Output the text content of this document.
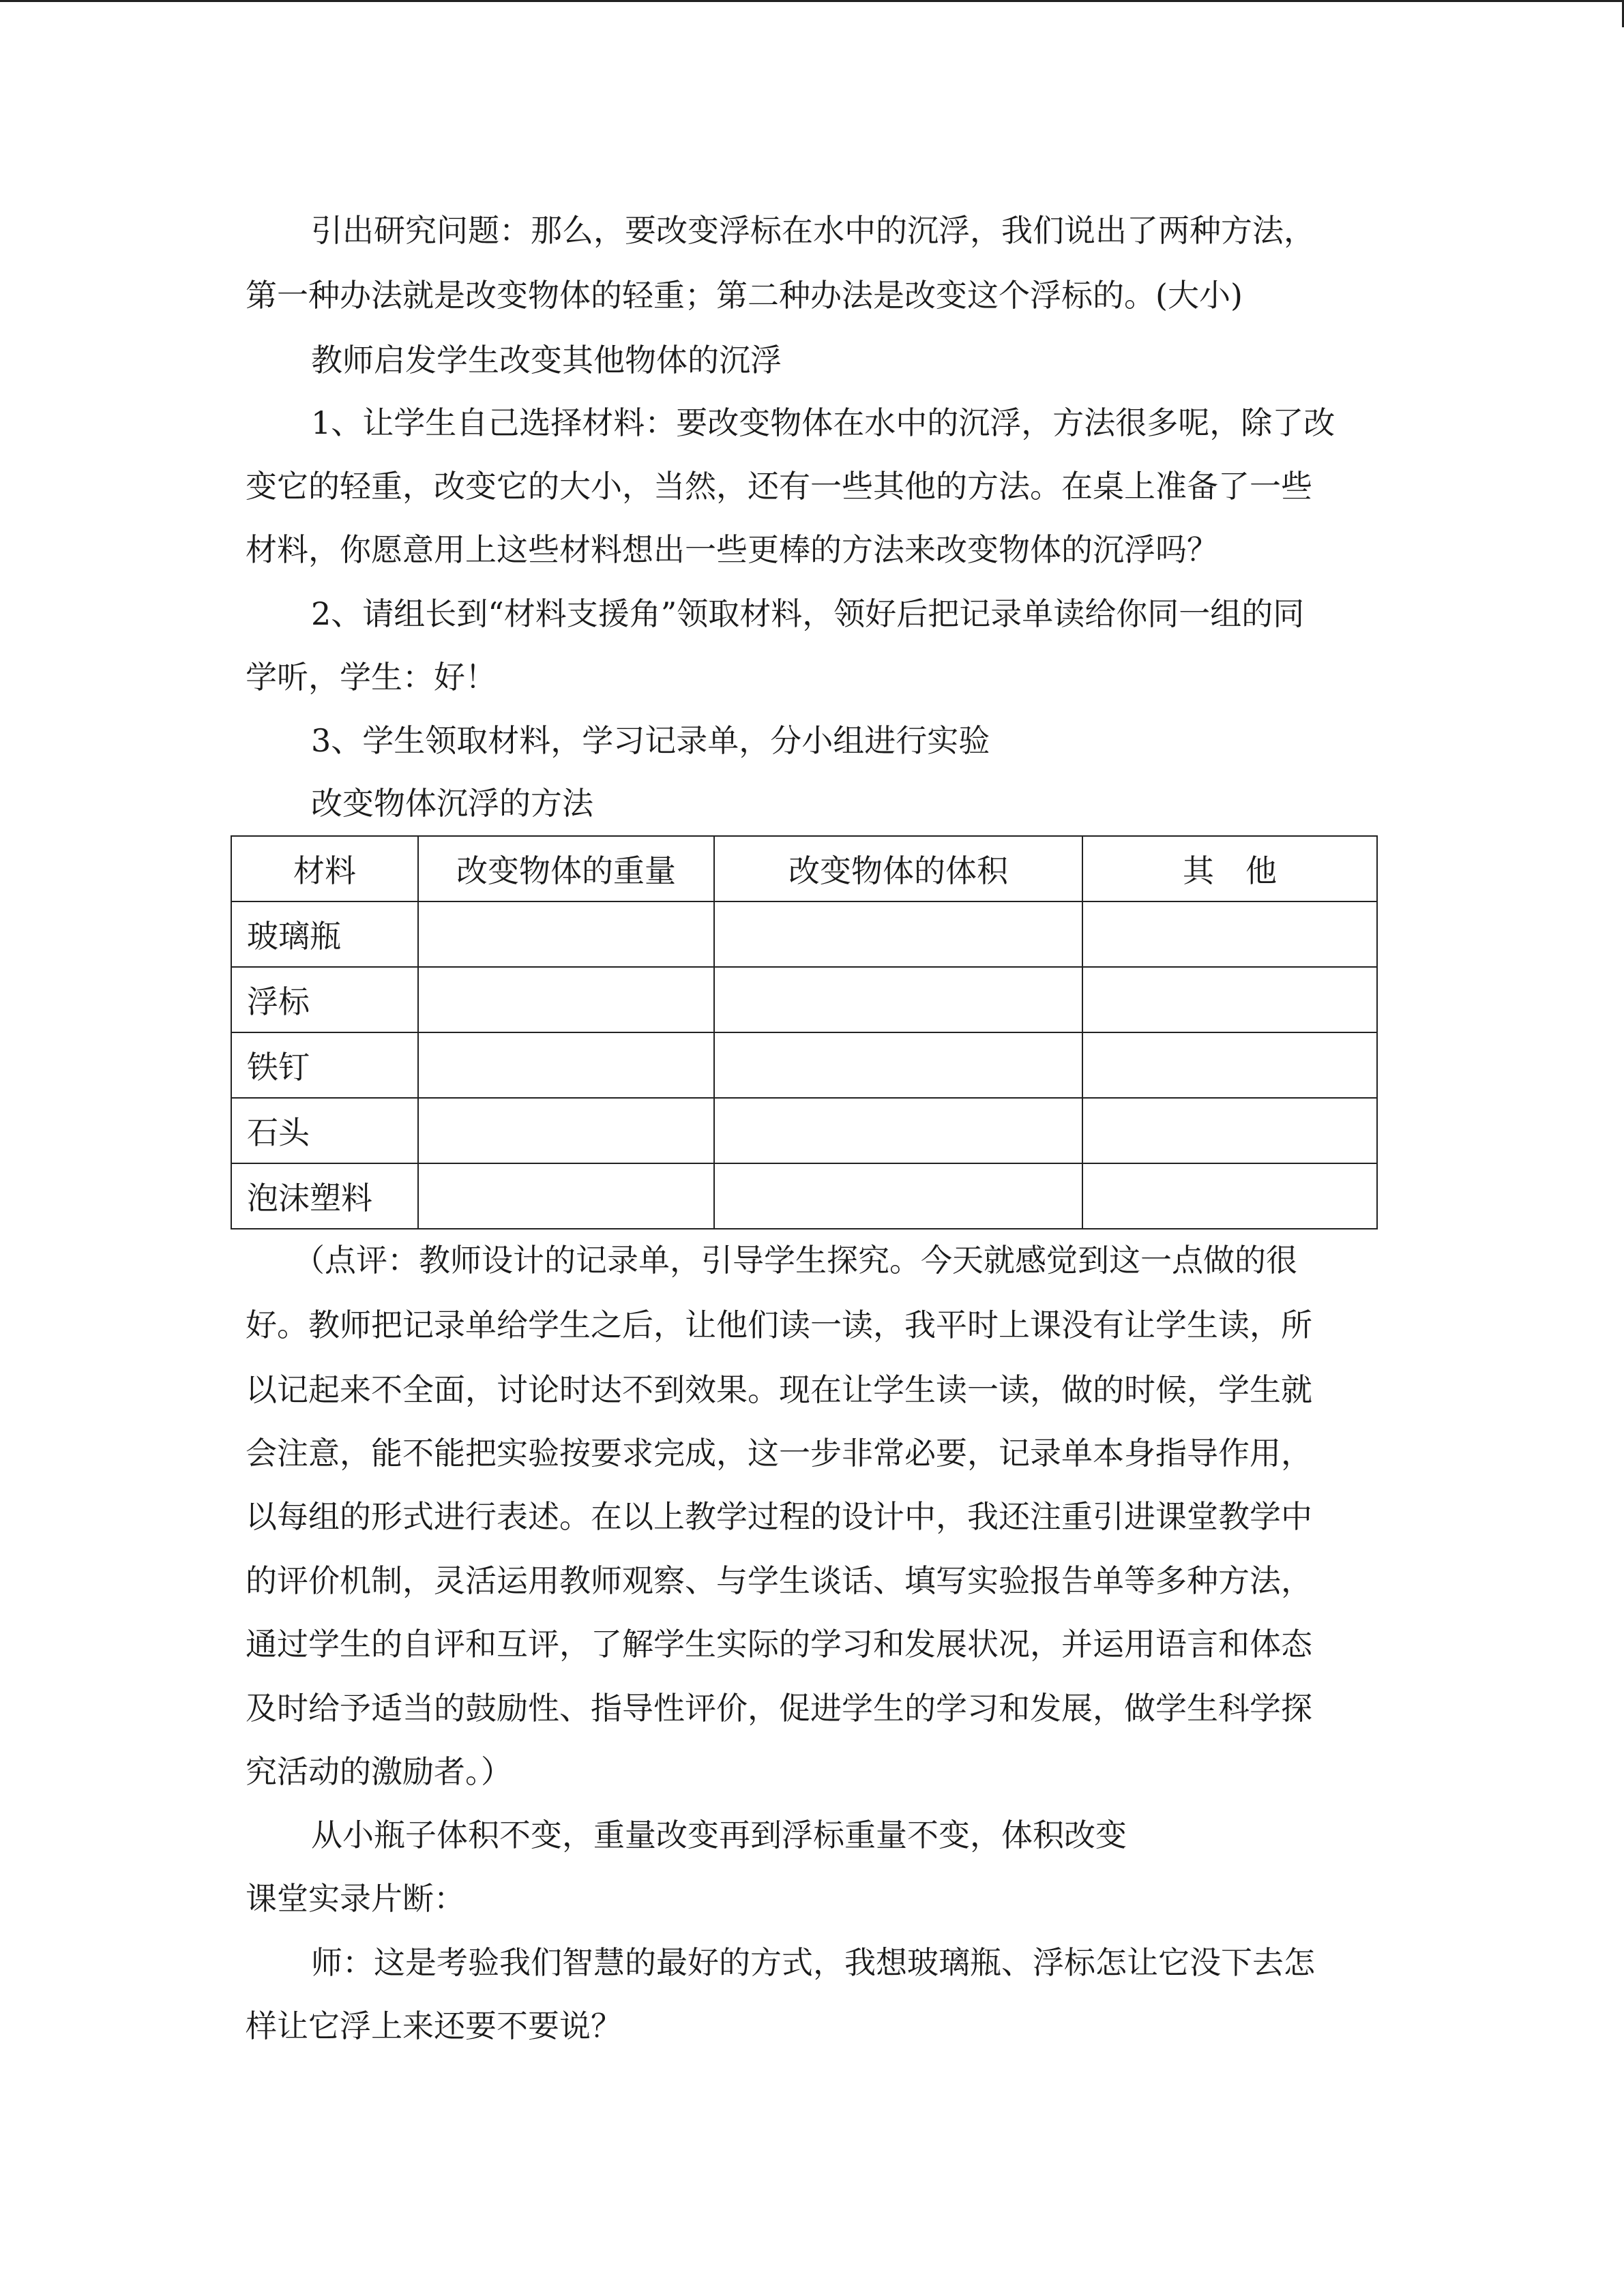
引出研究问题：那么，要改变浮标在水中的沉浮，我们说出了两种方法，
第一种办法就是改变物体的轻重；第二种办法是改变这个浮标的。(大小)
教师启发学生改变其他物体的沉浮
1、让学生自己选择材料：要改变物体在水中的沉浮，方法很多呢，除了改
变它的轻重，改变它的大小，当然，还有一些其他的方法。在桌上准备了一些
材料，你愿意用上这些材料想出一些更棒的方法来改变物体的沉浮吗？
2、请组长到“材料支援角”领取材料，领好后把记录单读给你同一组的同
学听，学生：好！
3、学生领取材料，学习记录单，分小组进行实验
改变物体沉浮的方法
材料	改变物体的重量	改变物体的体积	其　他
玻璃瓶			
浮标			
铁钉			
石头			
泡沫塑料			
（点评：教师设计的记录单，引导学生探究。今天就感觉到这一点做的很
好。教师把记录单给学生之后，让他们读一读，我平时上课没有让学生读，所
以记起来不全面，讨论时达不到效果。现在让学生读一读，做的时候，学生就
会注意，能不能把实验按要求完成，这一步非常必要，记录单本身指导作用，
以每组的形式进行表述。在以上教学过程的设计中，我还注重引进课堂教学中
的评价机制，灵活运用教师观察、与学生谈话、填写实验报告单等多种方法，
通过学生的自评和互评，了解学生实际的学习和发展状况，并运用语言和体态
及时给予适当的鼓励性、指导性评价，促进学生的学习和发展，做学生科学探
究活动的激励者。）
从小瓶子体积不变，重量改变再到浮标重量不变，体积改变
课堂实录片断：
师：这是考验我们智慧的最好的方式，我想玻璃瓶、浮标怎让它没下去怎
样让它浮上来还要不要说？
